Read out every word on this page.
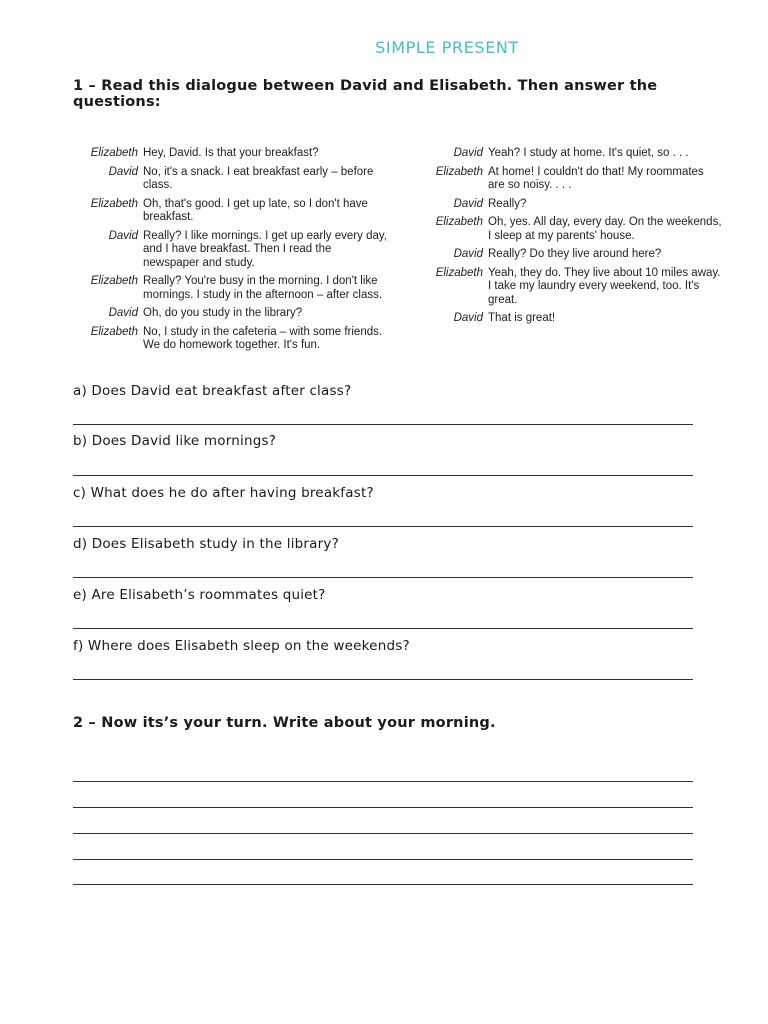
SIMPLE PRESENT
1 – Read this dialogue between David and Elisabeth. Then answer the questions:
Elizabeth Hey, David. Is that your breakfast?
David No, it's a snack. I eat breakfast early – before class.
Elizabeth Oh, that's good. I get up late, so I don't have breakfast.
David Really? I like mornings. I get up early every day, and I have breakfast. Then I read the newspaper and study.
Elizabeth Really? You're busy in the morning. I don't like mornings. I study in the afternoon – after class.
David Oh, do you study in the library?
Elizabeth No, I study in the cafeteria – with some friends. We do homework together. It's fun.
David Yeah? I study at home. It's quiet, so . . .
Elizabeth At home! I couldn't do that! My roommates are so noisy. . . .
David Really?
Elizabeth Oh, yes. All day, every day. On the weekends, I sleep at my parents' house.
David Really? Do they live around here?
Elizabeth Yeah, they do. They live about 10 miles away. I take my laundry every weekend, too. It's great.
David That is great!
a) Does David eat breakfast after class?
b) Does David like mornings?
c) What does he do after having breakfast?
d) Does Elisabeth study in the library?
e) Are Elisabeth’s roommates quiet?
f) Where does Elisabeth sleep on the weekends?
2 – Now its’s your turn. Write about your morning.
